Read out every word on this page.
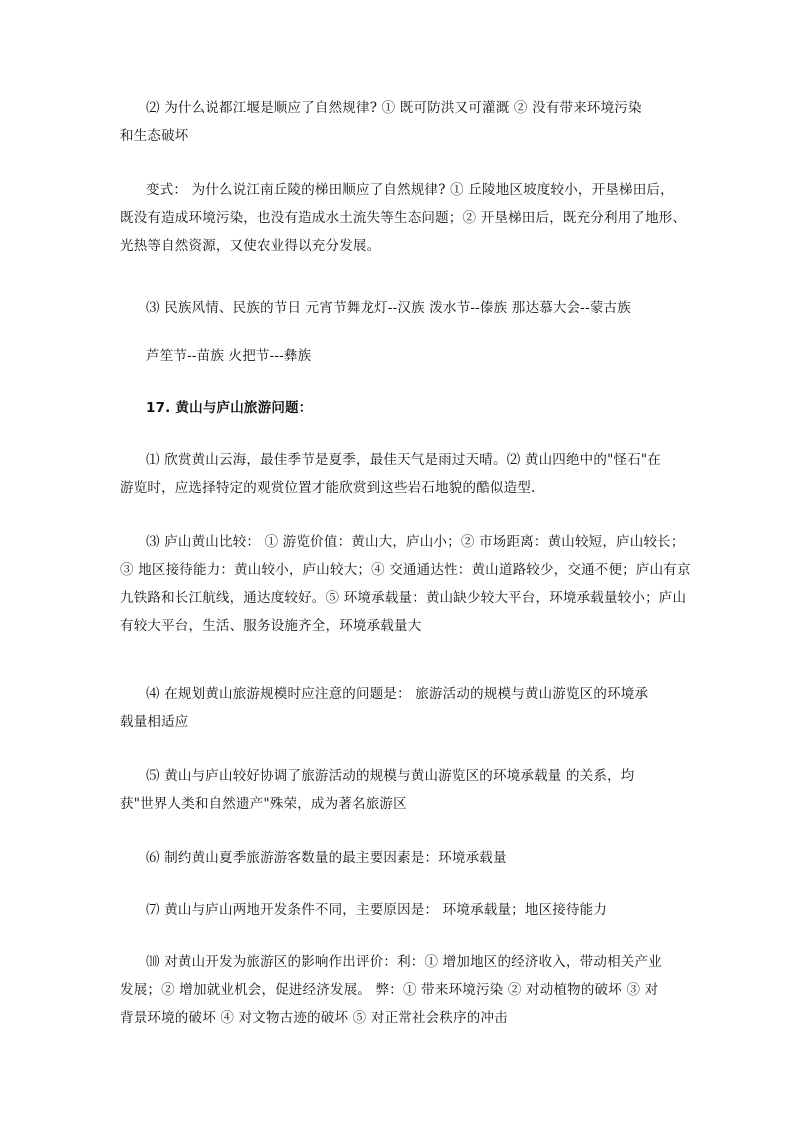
⑵ 为什么说都江堰是顺应了自然规律? ① 既可防洪又可灌溉 ② 没有带来环境污染
和生态破坏

变式： 为什么说江南丘陵的梯田顺应了自然规律? ① 丘陵地区坡度较小，开垦梯田后，
既没有造成环境污染，也没有造成水土流失等生态问题；② 开垦梯田后，既充分利用了地形、
光热等自然资源，又使农业得以充分发展。

⑶ 民族风情、民族的节日 元宵节舞龙灯--汉族 泼水节--傣族 那达慕大会--蒙古族

芦笙节--苗族 火把节---彝族

17. 黄山与庐山旅游问题：

⑴ 欣赏黄山云海，最佳季节是夏季，最佳天气是雨过天晴。⑵ 黄山四绝中的"怪石"在
游览时，应选择特定的观赏位置才能欣赏到这些岩石地貌的酷似造型.

⑶ 庐山黄山比较： ① 游览价值：黄山大，庐山小；② 市场距离：黄山较短，庐山较长；
③ 地区接待能力：黄山较小，庐山较大；④ 交通通达性：黄山道路较少，交通不便；庐山有京
九铁路和长江航线，通达度较好。⑤ 环境承载量：黄山缺少较大平台，环境承载量较小；庐山
有较大平台，生活、服务设施齐全，环境承载量大

⑷ 在规划黄山旅游规模时应注意的问题是： 旅游活动的规模与黄山游览区的环境承
载量相适应

⑸ 黄山与庐山较好协调了旅游活动的规模与黄山游览区的环境承载量 的关系，均
获"世界人类和自然遗产"殊荣，成为著名旅游区

⑹ 制约黄山夏季旅游游客数量的最主要因素是：环境承载量

⑺ 黄山与庐山两地开发条件不同，主要原因是： 环境承载量；地区接待能力

⑽ 对黄山开发为旅游区的影响作出评价：利：① 增加地区的经济收入，带动相关产业
发展；② 增加就业机会，促进经济发展。 弊：① 带来环境污染 ② 对动植物的破坏 ③ 对
背景环境的破坏 ④ 对文物古迹的破坏 ⑤ 对正常社会秩序的冲击
